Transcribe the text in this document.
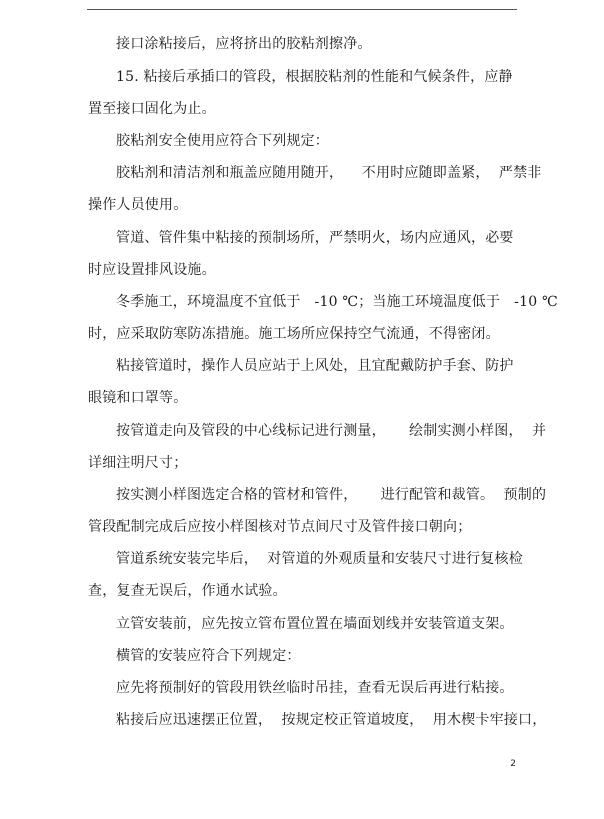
接口涂粘接后，应将挤出的胶粘剂擦净。
15. 粘接后承插口的管段，根据胶粘剂的性能和气候条件，应静
置至接口固化为止。
胶粘剂安全使用应符合下列规定：
胶粘剂和清洁剂和瓶盖应随用随开，    不用时应随即盖紧，  严禁非
操作人员使用。
管道、管件集中粘接的预制场所，严禁明火，场内应通风，必要
时应设置排风设施。
冬季施工，环境温度不宜低于   -10 ℃；当施工环境温度低于   -10 ℃
时，应采取防寒防冻措施。施工场所应保持空气流通，不得密闭。
粘接管道时，操作人员应站于上风处，且宜配戴防护手套、防护
眼镜和口罩等。
按管道走向及管段的中心线标记进行测量，     绘制实测小样图，  并
详细注明尺寸；
按实测小样图选定合格的管材和管件，     进行配管和裁管。  预制的
管段配制完成后应按小样图核对节点间尺寸及管件接口朝向；
管道系统安装完毕后，  对管道的外观质量和安装尺寸进行复核检
查，复查无误后，作通水试验。
立管安装前，应先按立管布置位置在墙面划线并安装管道支架。
横管的安装应符合下列规定：
应先将预制好的管段用铁丝临时吊挂，查看无误后再进行粘接。
粘接后应迅速摆正位置，  按规定校正管道坡度，  用木楔卡牢接口，
2
